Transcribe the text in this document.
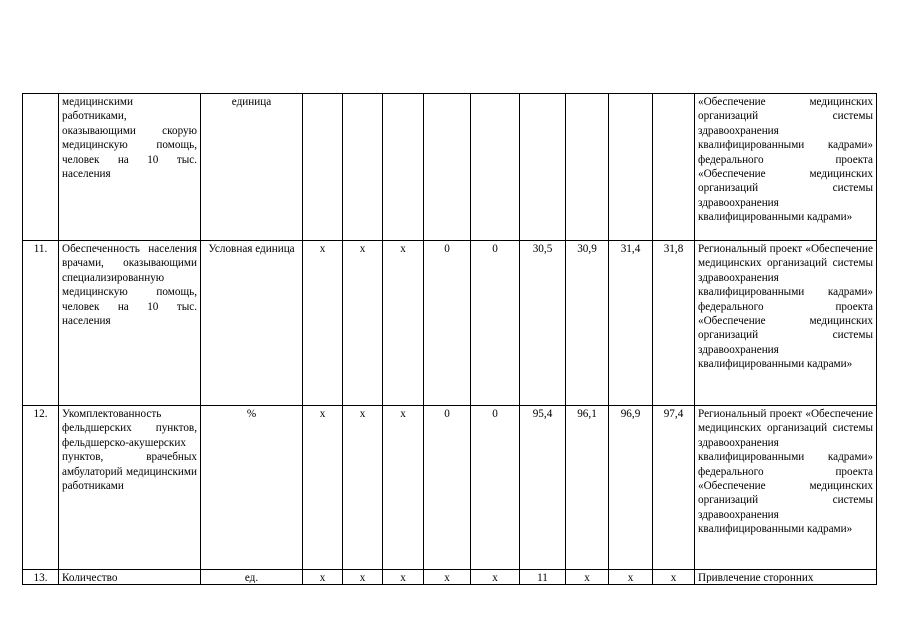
	медицинскими работниками, оказывающими скорую медицинскую помощь, человек на 10 тыс. населения	единица										«Обеспечение медицинских организаций системы здравоохранения квалифицированными кадрами» федерального проекта «Обеспечение медицинских организаций системы здравоохранения квалифицированными кадрами»

11.	Обеспеченность населения врачами, оказывающими специализированную медицинскую помощь, человек на 10 тыс. населения	Условная единица	х	х	х	0	0	30,5	30,9	31,4	31,8	Региональный проект «Обеспечение медицинских организаций системы здравоохранения квалифицированными кадрами» федерального проекта «Обеспечение медицинских организаций системы здравоохранения квалифицированными кадрами»

12.	Укомплектованность фельдшерских пунктов, фельдшерско-акушерских пунктов, врачебных амбулаторий медицинскими работниками	%	х	х	х	0	0	95,4	96,1	96,9	97,4	Региональный проект «Обеспечение медицинских организаций системы здравоохранения квалифицированными кадрами» федерального проекта «Обеспечение медицинских организаций системы здравоохранения квалифицированными кадрами»

13.	Количество	ед.	х	х	х	х	х	11	х	х	х	Привлечение сторонних
